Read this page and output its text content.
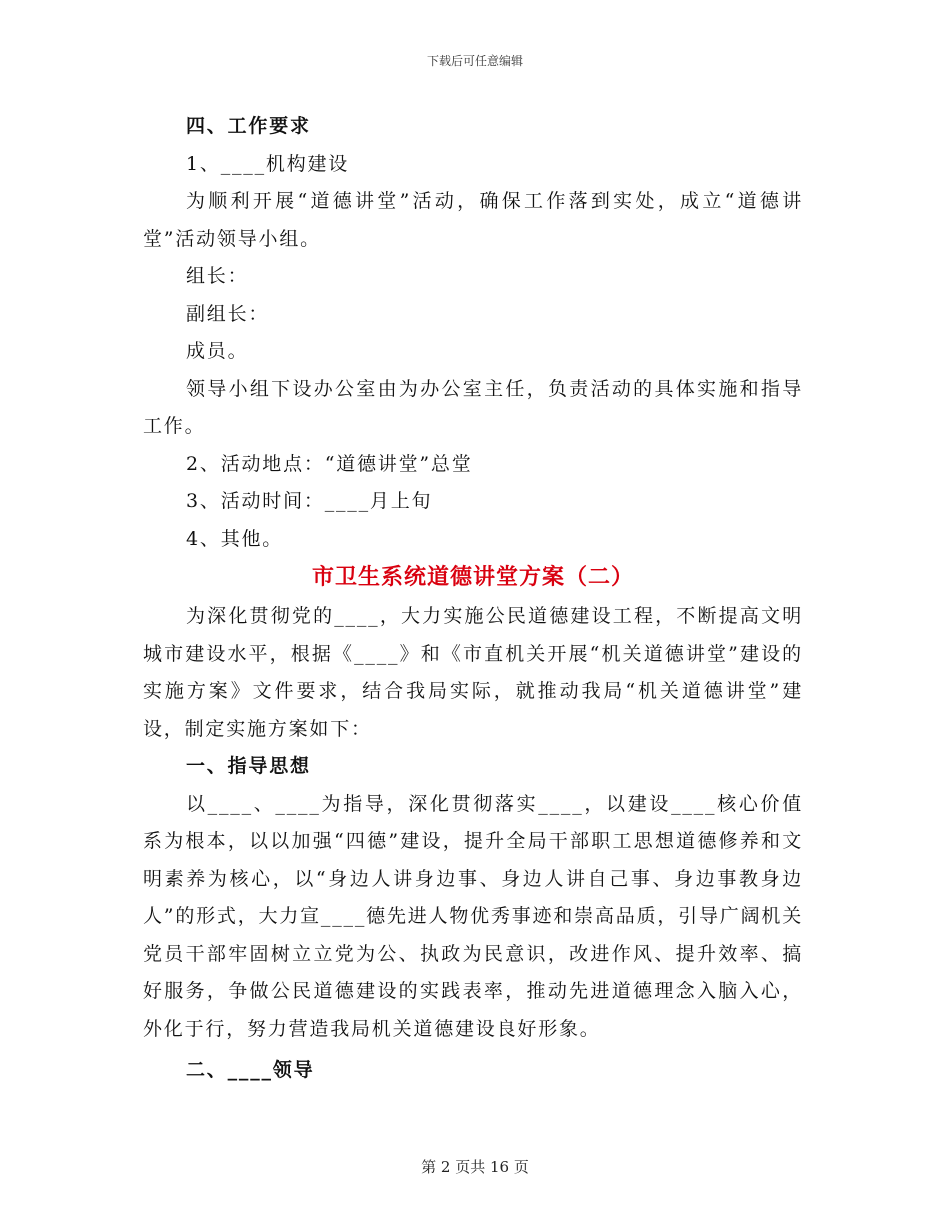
下载后可任意编辑

四、工作要求

1、____机构建设

为顺利开展“道德讲堂”活动，确保工作落到实处，成立“道德讲堂”活动领导小组。

组长：

副组长：

成员。

领导小组下设办公室由为办公室主任，负责活动的具体实施和指导工作。

2、活动地点：“道德讲堂”总堂

3、活动时间：____月上旬

4、其他。

市卫生系统道德讲堂方案（二）

为深化贯彻党的____，大力实施公民道德建设工程，不断提高文明城市建设水平，根据《____》和《市直机关开展“机关道德讲堂”建设的实施方案》文件要求，结合我局实际，就推动我局“机关道德讲堂”建设，制定实施方案如下：

一、指导思想

以____、____为指导，深化贯彻落实____，以建设____核心价值系为根本，以以加强“四德”建设，提升全局干部职工思想道德修养和文明素养为核心，以“身边人讲身边事、身边人讲自己事、身边事教身边人”的形式，大力宣____德先进人物优秀事迹和崇高品质，引导广阔机关党员干部牢固树立立党为公、执政为民意识，改进作风、提升效率、搞好服务，争做公民道德建设的实践表率，推动先进道德理念入脑入心，外化于行，努力营造我局机关道德建设良好形象。

二、____领导

第 2 页共 16 页
